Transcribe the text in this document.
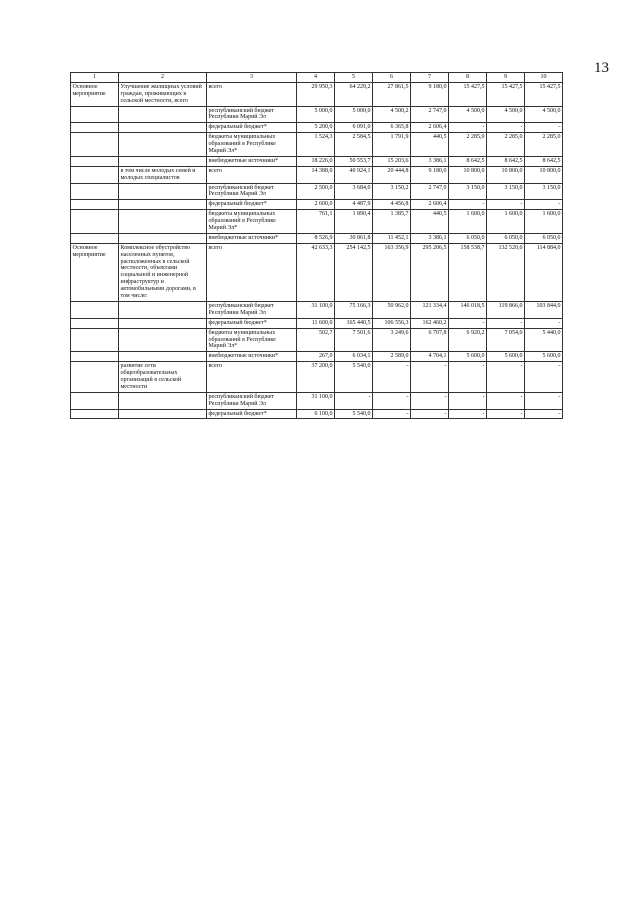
13
1	2	3	4	5	6	7	8	9	10
Основное мероприятие	Улучшение жилищных условий граждан, проживающих в сельской местности, всего	всего	29 950,3	64 229,2	27 861,5	9 180,0	15 427,5	15 427,5	15 427,5
		республиканский бюджет Республики Марий Эл	5 000,0	5 000,0	4 500,2	2 747,0	4 500,0	4 500,0	4 500,0
		федеральный бюджет*	5 200,0	6 091,0	6 365,8	2 606,4	-	-	-
		бюджеты муниципальных образований в Республике Марий Эл*	1 524,3	2 584,5	1 791,9	440,5	2 285,0	2 285,0	2 285,0
		внебюджетные источники*	18 226,0	50 553,7	15 203,6	3 386,1	8 642,5	8 642,5	8 642,5
	в том числе молодых семей и молодых специалистов	всего	14 388,0	40 924,1	20 444,8	9 180,0	10 800,0	10 800,0	10 800,0
		республиканский бюджет Республики Марий Эл	2 500,0	3 684,0	3 150,2	2 747,0	3 150,0	3 150,0	3 150,0
		федеральный бюджет*	2 600,0	4 487,9	4 456,8	2 606,4	-	-	-
		бюджеты муниципальных образований в Республике Марий Эл*	761,1	1 890,4	1 385,7	440,5	1 600,0	1 600,0	1 600,0
		внебюджетные источники*	8 526,9	30 861,8	11 452,1	3 386,1	6 050,0	6 050,0	6 050,0
Основное мероприятие	Комплексное обустройство населенных пунктов, расположенных в сельской местности, объектами социальной и инженерной инфраструктур и автомобильными дорогами, в том числе:	всего	42 633,3	254 142,5	163 356,9	295 206,5	158 538,7	132 520,0	114 884,0
		республиканский бюджет Республики Марий Эл	31 100,0	75 166,3	50 962,0	121 334,4	146 018,5	119 866,0	103 844,0
		федеральный бюджет*	11 600,0	165 440,5	106 556,3	162 460,2	-	-	-
		бюджеты муниципальных образований в Республике Марий Эл*	502,7	7 501,6	3 249,6	6 707,8	6 920,2	7 054,0	5 440,0
		внебюджетные источники*	267,0	6 034,1	2 589,0	4 704,1	5 600,0	5 600,0	5 600,0
	развитие сети общеобразовательных организаций в сельской местности	всего	37 200,0	5 540,0	-	-	-	-	-
		республиканский бюджет Республики Марий Эл	31 100,0	-	-	-	-	-	-
		федеральный бюджет*	6 100,0	5 540,0	-	-	-	-	-
